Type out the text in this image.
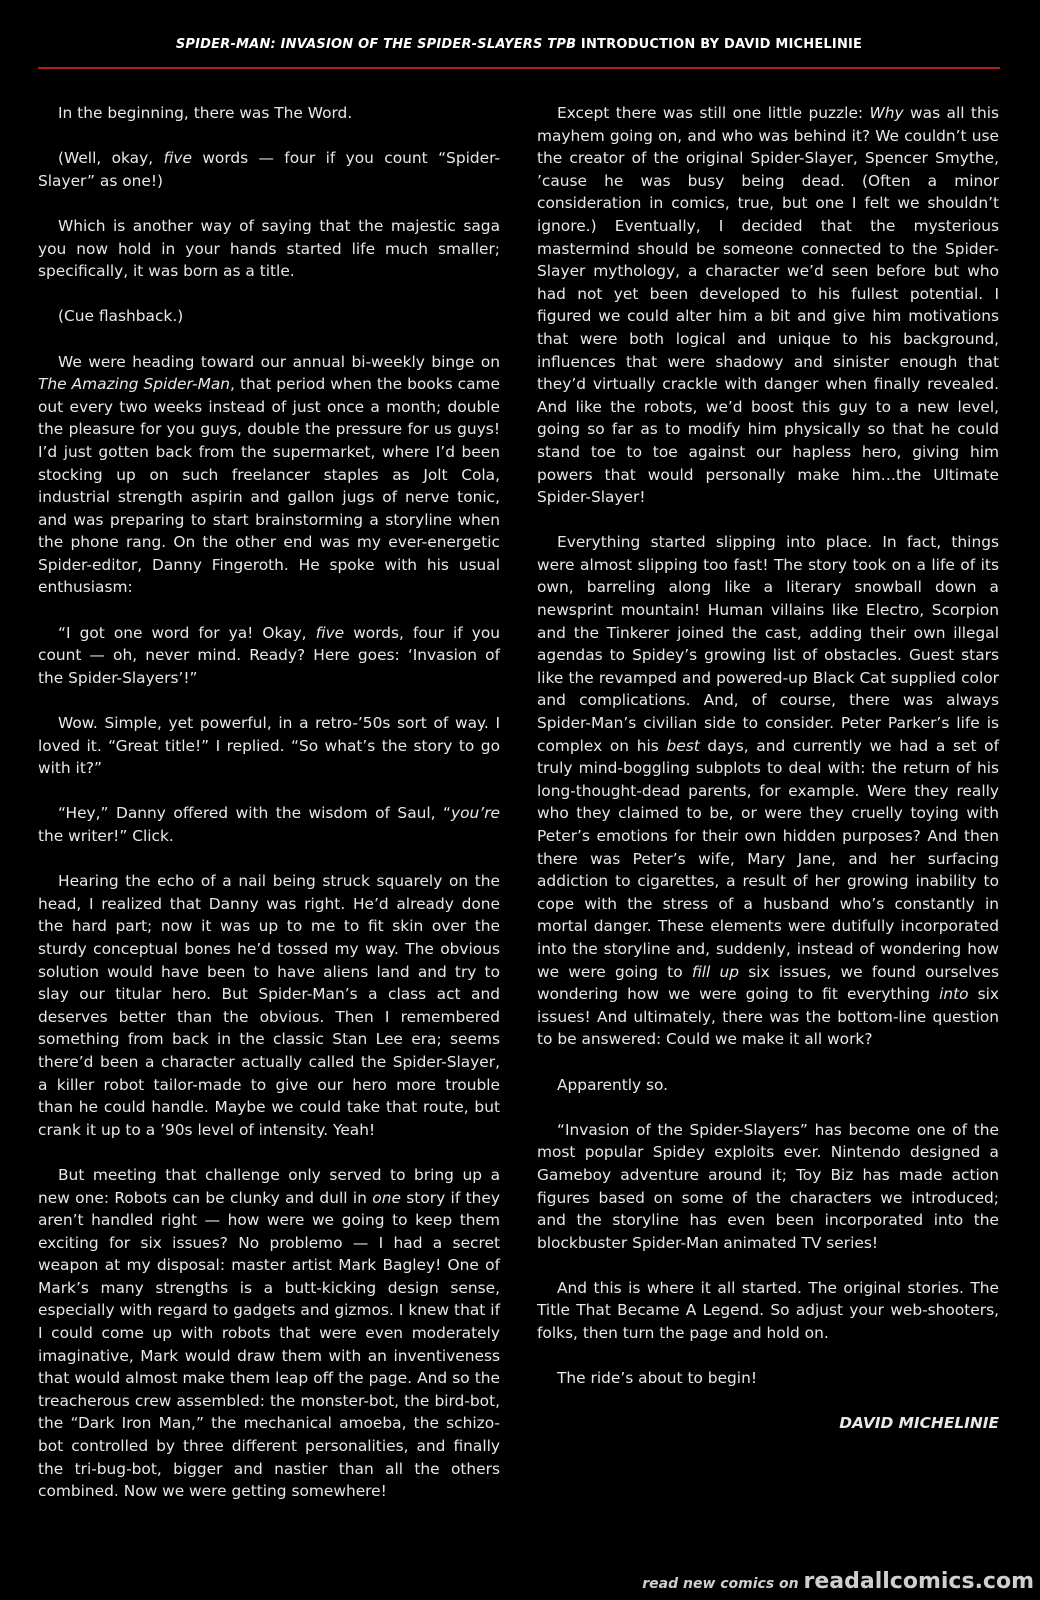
SPIDER-MAN: INVASION OF THE SPIDER-SLAYERS TPB INTRODUCTION BY DAVID MICHELINIE

In the beginning, there was The Word.

(Well, okay, five words — four if you count “Spider-Slayer” as one!)

Which is another way of saying that the majestic saga you now hold in your hands started life much smaller; specifically, it was born as a title.

(Cue flashback.)

We were heading toward our annual bi-weekly binge on The Amazing Spider-Man, that period when the books came out every two weeks instead of just once a month; double the pleasure for you guys, double the pressure for us guys! I’d just gotten back from the supermarket, where I’d been stocking up on such freelancer staples as Jolt Cola, industrial strength aspirin and gallon jugs of nerve tonic, and was preparing to start brainstorming a storyline when the phone rang. On the other end was my ever-energetic Spider-editor, Danny Fingeroth. He spoke with his usual enthusiasm:

“I got one word for ya! Okay, five words, four if you count — oh, never mind. Ready? Here goes: ‘Invasion of the Spider-Slayers’!”

Wow. Simple, yet powerful, in a retro-’50s sort of way. I loved it. “Great title!” I replied. “So what’s the story to go with it?”

“Hey,” Danny offered with the wisdom of Saul, “you’re the writer!” Click.

Hearing the echo of a nail being struck squarely on the head, I realized that Danny was right. He’d already done the hard part; now it was up to me to fit skin over the sturdy conceptual bones he’d tossed my way. The obvious solution would have been to have aliens land and try to slay our titular hero. But Spider-Man’s a class act and deserves better than the obvious. Then I remembered something from back in the classic Stan Lee era; seems there’d been a character actually called the Spider-Slayer, a killer robot tailor-made to give our hero more trouble than he could handle. Maybe we could take that route, but crank it up to a ’90s level of intensity. Yeah!

But meeting that challenge only served to bring up a new one: Robots can be clunky and dull in one story if they aren’t handled right — how were we going to keep them exciting for six issues? No problemo — I had a secret weapon at my disposal: master artist Mark Bagley! One of Mark’s many strengths is a butt-kicking design sense, especially with regard to gadgets and gizmos. I knew that if I could come up with robots that were even moderately imaginative, Mark would draw them with an inventiveness that would almost make them leap off the page. And so the treacherous crew assembled: the monster-bot, the bird-bot, the “Dark Iron Man,” the mechanical amoeba, the schizo-bot controlled by three different personalities, and finally the tri-bug-bot, bigger and nastier than all the others combined. Now we were getting somewhere!

Except there was still one little puzzle: Why was all this mayhem going on, and who was behind it? We couldn’t use the creator of the original Spider-Slayer, Spencer Smythe, ’cause he was busy being dead. (Often a minor consideration in comics, true, but one I felt we shouldn’t ignore.) Eventually, I decided that the mysterious mastermind should be someone connected to the Spider-Slayer mythology, a character we’d seen before but who had not yet been developed to his fullest potential. I figured we could alter him a bit and give him motivations that were both logical and unique to his background, influences that were shadowy and sinister enough that they’d virtually crackle with danger when finally revealed. And like the robots, we’d boost this guy to a new level, going so far as to modify him physically so that he could stand toe to toe against our hapless hero, giving him powers that would personally make him…the Ultimate Spider-Slayer!

Everything started slipping into place. In fact, things were almost slipping too fast! The story took on a life of its own, barreling along like a literary snowball down a newsprint mountain! Human villains like Electro, Scorpion and the Tinkerer joined the cast, adding their own illegal agendas to Spidey’s growing list of obstacles. Guest stars like the revamped and powered-up Black Cat supplied color and complications. And, of course, there was always Spider-Man’s civilian side to consider. Peter Parker’s life is complex on his best days, and currently we had a set of truly mind-boggling subplots to deal with: the return of his long-thought-dead parents, for example. Were they really who they claimed to be, or were they cruelly toying with Peter’s emotions for their own hidden purposes? And then there was Peter’s wife, Mary Jane, and her surfacing addiction to cigarettes, a result of her growing inability to cope with the stress of a husband who’s constantly in mortal danger. These elements were dutifully incorporated into the storyline and, suddenly, instead of wondering how we were going to fill up six issues, we found ourselves wondering how we were going to fit everything into six issues! And ultimately, there was the bottom-line question to be answered: Could we make it all work?

Apparently so.

“Invasion of the Spider-Slayers” has become one of the most popular Spidey exploits ever. Nintendo designed a Gameboy adventure around it; Toy Biz has made action figures based on some of the characters we introduced; and the storyline has even been incorporated into the blockbuster Spider-Man animated TV series!

And this is where it all started. The original stories. The Title That Became A Legend. So adjust your web-shooters, folks, then turn the page and hold on.

The ride’s about to begin!

DAVID MICHELINIE

read new comics on readallcomics.com
